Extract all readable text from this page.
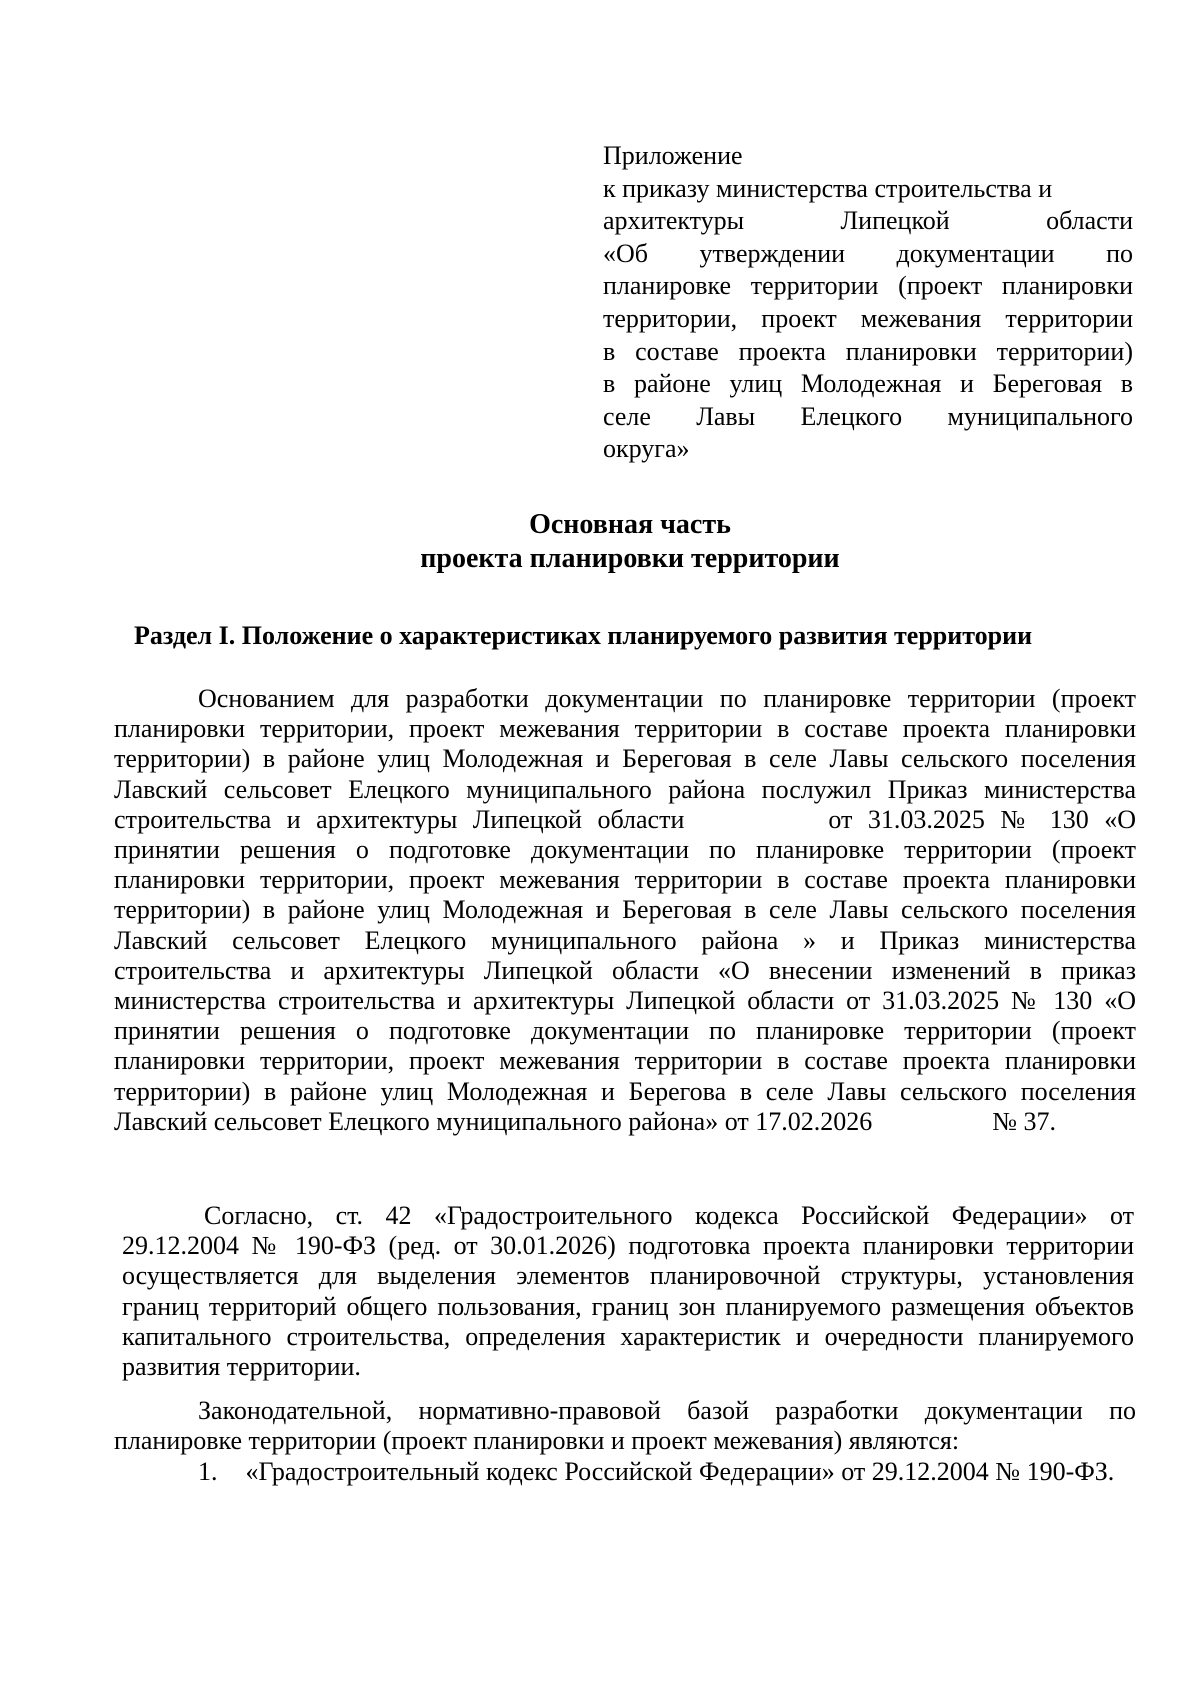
Приложение
к приказу министерства строительства и
архитектуры Липецкой области
«Об утверждении документации по
планировке территории (проект планировки
территории, проект межевания территории
в составе проекта планировки территории)
в районе улиц Молодежная и Береговая в
селе Лавы Елецкого муниципального
округа»
Основная часть
проекта планировки территории
Раздел I. Положение о характеристиках планируемого развития территории
Основанием для разработки документации по планировке территории (проект планировки территории, проект межевания территории в составе проекта планировки территории) в районе улиц Молодежная и Береговая в селе Лавы сельского поселения Лавский сельсовет Елецкого муниципального района послужил Приказ министерства строительства и архитектуры Липецкой области	от 31.03.2025 № 130 «О принятии решения о подготовке документации по планировке территории (проект планировки территории, проект межевания территории в составе проекта планировки территории) в районе улиц Молодежная и Береговая в селе Лавы сельского поселения Лавский сельсовет Елецкого муниципального района » и Приказ министерства строительства и архитектуры Липецкой области «О внесении изменений в приказ министерства строительства и архитектуры Липецкой области от 31.03.2025 № 130 «О принятии решения о подготовке документации по планировке территории (проект планировки территории, проект межевания территории в составе проекта планировки территории) в районе улиц Молодежная и Берегова в селе Лавы сельского поселения Лавский сельсовет Елецкого муниципального района» от 17.02.2026	№ 37.
Согласно, ст. 42 «Градостроительного кодекса Российской Федерации» от 29.12.2004 № 190-ФЗ (ред. от 30.01.2026) подготовка проекта планировки территории осуществляется для выделения элементов планировочной структуры, установления границ территорий общего пользования, границ зон планируемого размещения объектов капитального строительства, определения характеристик и очередности планируемого развития территории.
Законодательной, нормативно-правовой базой разработки документации по планировке территории (проект планировки и проект межевания) являются:
1. «Градостроительный кодекс Российской Федерации» от 29.12.2004 № 190-ФЗ.
